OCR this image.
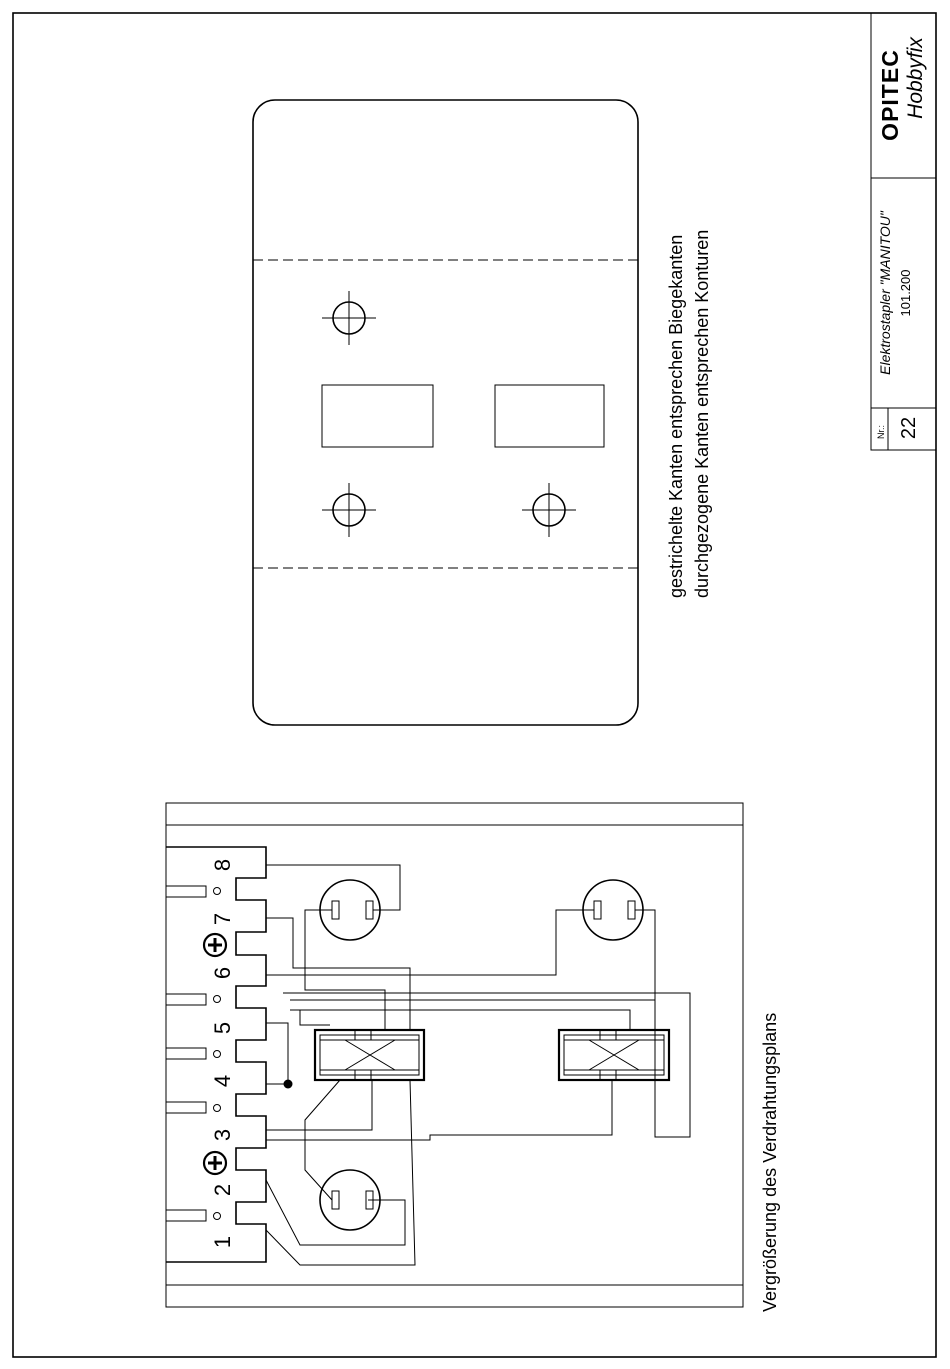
Nr.: 22
Elektrostapler "MANITOU" 101.200
OPITEC Hobbyfix
gestrichelte Kanten entsprechen Biegekanten durchgezogene Kanten entsprechen Konturen
1
2
3
4
5
6
7
8
Vergrößerung des Verdrahtungsplans
